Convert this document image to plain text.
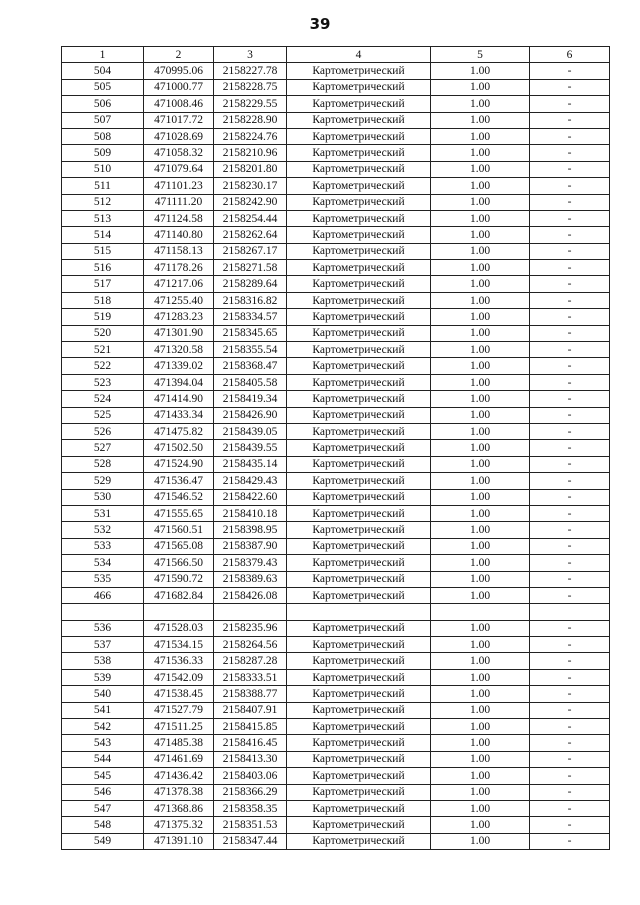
39
1	2	3	4	5	6
504	470995.06	2158227.78	Картометрический	1.00	-
505	471000.77	2158228.75	Картометрический	1.00	-
506	471008.46	2158229.55	Картометрический	1.00	-
507	471017.72	2158228.90	Картометрический	1.00	-
508	471028.69	2158224.76	Картометрический	1.00	-
509	471058.32	2158210.96	Картометрический	1.00	-
510	471079.64	2158201.80	Картометрический	1.00	-
511	471101.23	2158230.17	Картометрический	1.00	-
512	471111.20	2158242.90	Картометрический	1.00	-
513	471124.58	2158254.44	Картометрический	1.00	-
514	471140.80	2158262.64	Картометрический	1.00	-
515	471158.13	2158267.17	Картометрический	1.00	-
516	471178.26	2158271.58	Картометрический	1.00	-
517	471217.06	2158289.64	Картометрический	1.00	-
518	471255.40	2158316.82	Картометрический	1.00	-
519	471283.23	2158334.57	Картометрический	1.00	-
520	471301.90	2158345.65	Картометрический	1.00	-
521	471320.58	2158355.54	Картометрический	1.00	-
522	471339.02	2158368.47	Картометрический	1.00	-
523	471394.04	2158405.58	Картометрический	1.00	-
524	471414.90	2158419.34	Картометрический	1.00	-
525	471433.34	2158426.90	Картометрический	1.00	-
526	471475.82	2158439.05	Картометрический	1.00	-
527	471502.50	2158439.55	Картометрический	1.00	-
528	471524.90	2158435.14	Картометрический	1.00	-
529	471536.47	2158429.43	Картометрический	1.00	-
530	471546.52	2158422.60	Картометрический	1.00	-
531	471555.65	2158410.18	Картометрический	1.00	-
532	471560.51	2158398.95	Картометрический	1.00	-
533	471565.08	2158387.90	Картометрический	1.00	-
534	471566.50	2158379.43	Картометрический	1.00	-
535	471590.72	2158389.63	Картометрический	1.00	-
466	471682.84	2158426.08	Картометрический	1.00	-

536	471528.03	2158235.96	Картометрический	1.00	-
537	471534.15	2158264.56	Картометрический	1.00	-
538	471536.33	2158287.28	Картометрический	1.00	-
539	471542.09	2158333.51	Картометрический	1.00	-
540	471538.45	2158388.77	Картометрический	1.00	-
541	471527.79	2158407.91	Картометрический	1.00	-
542	471511.25	2158415.85	Картометрический	1.00	-
543	471485.38	2158416.45	Картометрический	1.00	-
544	471461.69	2158413.30	Картометрический	1.00	-
545	471436.42	2158403.06	Картометрический	1.00	-
546	471378.38	2158366.29	Картометрический	1.00	-
547	471368.86	2158358.35	Картометрический	1.00	-
548	471375.32	2158351.53	Картометрический	1.00	-
549	471391.10	2158347.44	Картометрический	1.00	-
